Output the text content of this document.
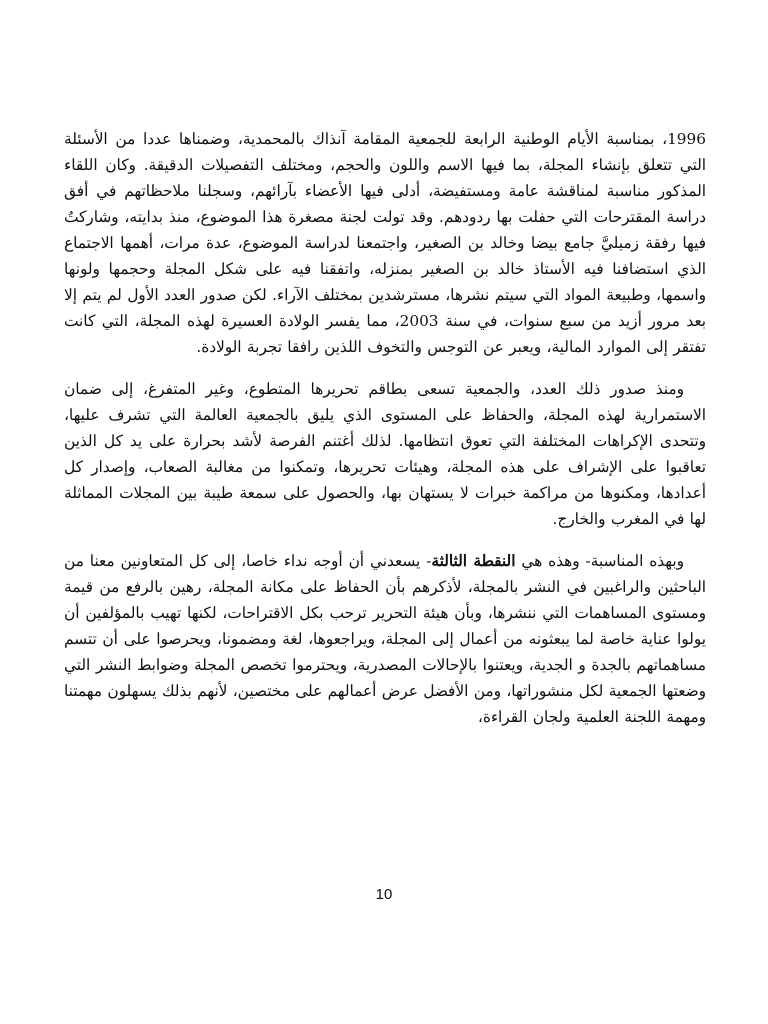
1996، بمناسبة الأيام الوطنية الرابعة للجمعية المقامة آنذاك بالمحمدية، وضمناها عددا من الأسئلة التي تتعلق بإنشاء المجلة، بما فيها الاسم واللون والحجم، ومختلف التفصيلات الدقيقة. وكان اللقاء المذكور مناسبة لمناقشة عامة ومستفيضة، أدلى فيها الأعضاء بآرائهم، وسجلنا ملاحظاتهم في أفق دراسة المقترحات التي حفلت بها ردودهم. وقد تولت لجنة مصغرة هذا الموضوع، منذ بدايته، وشاركتُ فيها رفقة زميليَّ جامع بيضا وخالد بن الصغير، واجتمعنا لدراسة الموضوع، عدة مرات، أهمها الاجتماع الذي استضافنا فيه الأستاذ خالد بن الصغير بمنزله، واتفقنا فيه على شكل المجلة وحجمها ولونها واسمها، وطبيعة المواد التي سيتم نشرها، مسترشدين بمختلف الآراء. لكن صدور العدد الأول لم يتم إلا بعد مرور أزيد من سبع سنوات، في سنة 2003، مما يفسر الولادة العسيرة لهذه المجلة، التي كانت تفتقر إلى الموارد المالية، ويعبر عن التوجس والتخوف اللذين رافقا تجربة الولادة.

ومنذ صدور ذلك العدد، والجمعية تسعى بطاقم تحريرها المتطوع، وغير المتفرغ، إلى ضمان الاستمرارية لهذه المجلة، والحفاظ على المستوى الذي يليق بالجمعية العالمة التي تشرف عليها، وتتحدى الإكراهات المختلفة التي تعوق انتظامها. لذلك أغتنم الفرصة لأشد بحرارة على يد كل الذين تعاقبوا على الإشراف على هذه المجلة، وهيئات تحريرها، وتمكنوا من مغالبة الصعاب، وإصدار كل أعدادها، ومكنوها من مراكمة خبرات لا يستهان بها، والحصول على سمعة طيبة بين المجلات المماثلة لها في المغرب والخارج.

وبهذه المناسبة- وهذه هي النقطة الثالثة- يسعدني أن أوجه نداء خاصا، إلى كل المتعاونين معنا من الباحثين والراغبين في النشر بالمجلة، لأذكرهم بأن الحفاظ على مكانة المجلة، رهين بالرفع من قيمة ومستوى المساهمات التي ننشرها، وبأن هيئة التحرير ترحب بكل الاقتراحات، لكنها تهيب بالمؤلفين أن يولوا عناية خاصة لما يبعثونه من أعمال إلى المجلة، ويراجعوها، لغة ومضمونا، ويحرصوا على أن تتسم مساهماتهم بالجدة و الجدية، ويعتنوا بالإحالات المصدرية، ويحترموا تخصص المجلة وضوابط النشر التي وضعتها الجمعية لكل منشوراتها، ومن الأفضل عرض أعمالهم على مختصين، لأنهم بذلك يسهلون مهمتنا ومهمة اللجنة العلمية ولجان القراءة،

10
